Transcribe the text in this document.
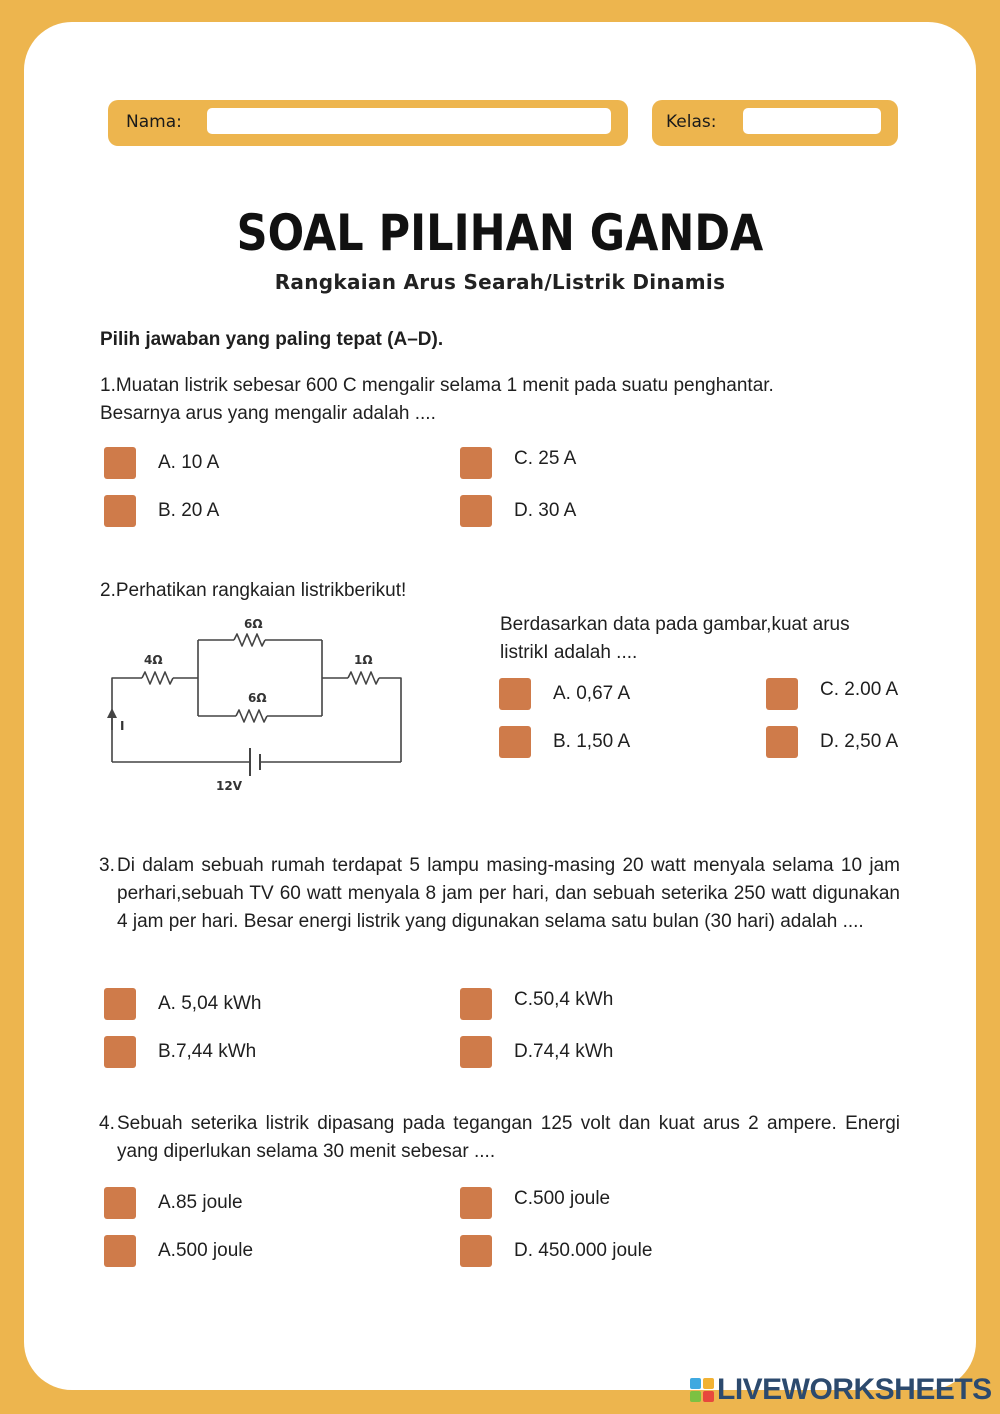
Nama:	Kelas:
SOAL PILIHAN GANDA
Rangkaian Arus Searah/Listrik Dinamis
Pilih jawaban yang paling tepat (A–D).
1.Muatan listrik sebesar 600 C mengalir selama 1 menit pada suatu penghantar.
Besarnya arus yang mengalir adalah ....
A. 10 A
B. 20 A
C. 25 A
D. 30 A
2.Perhatikan rangkaian listrikberikut!
4Ω
6Ω
6Ω
1Ω
I
12V
Berdasarkan data pada gambar,kuat arus
listrikI adalah ....
A. 0,67 A
B. 1,50 A
C. 2.00 A
D. 2,50 A
3. Di dalam sebuah rumah terdapat 5 lampu masing-masing 20 watt menyala selama 10 jam perhari,sebuah TV 60 watt menyala 8 jam per hari, dan sebuah seterika 250 watt digunakan 4 jam per hari. Besar energi listrik yang digunakan selama satu bulan (30 hari) adalah ....
A. 5,04 kWh
B.7,44 kWh
C.50,4 kWh
D.74,4 kWh
4. Sebuah seterika listrik dipasang pada tegangan 125 volt dan kuat arus 2 ampere. Energi yang diperlukan selama 30 menit sebesar ....
A.85 joule
A.500 joule
C.500 joule
D. 450.000 joule
LIVEWORKSHEETS
